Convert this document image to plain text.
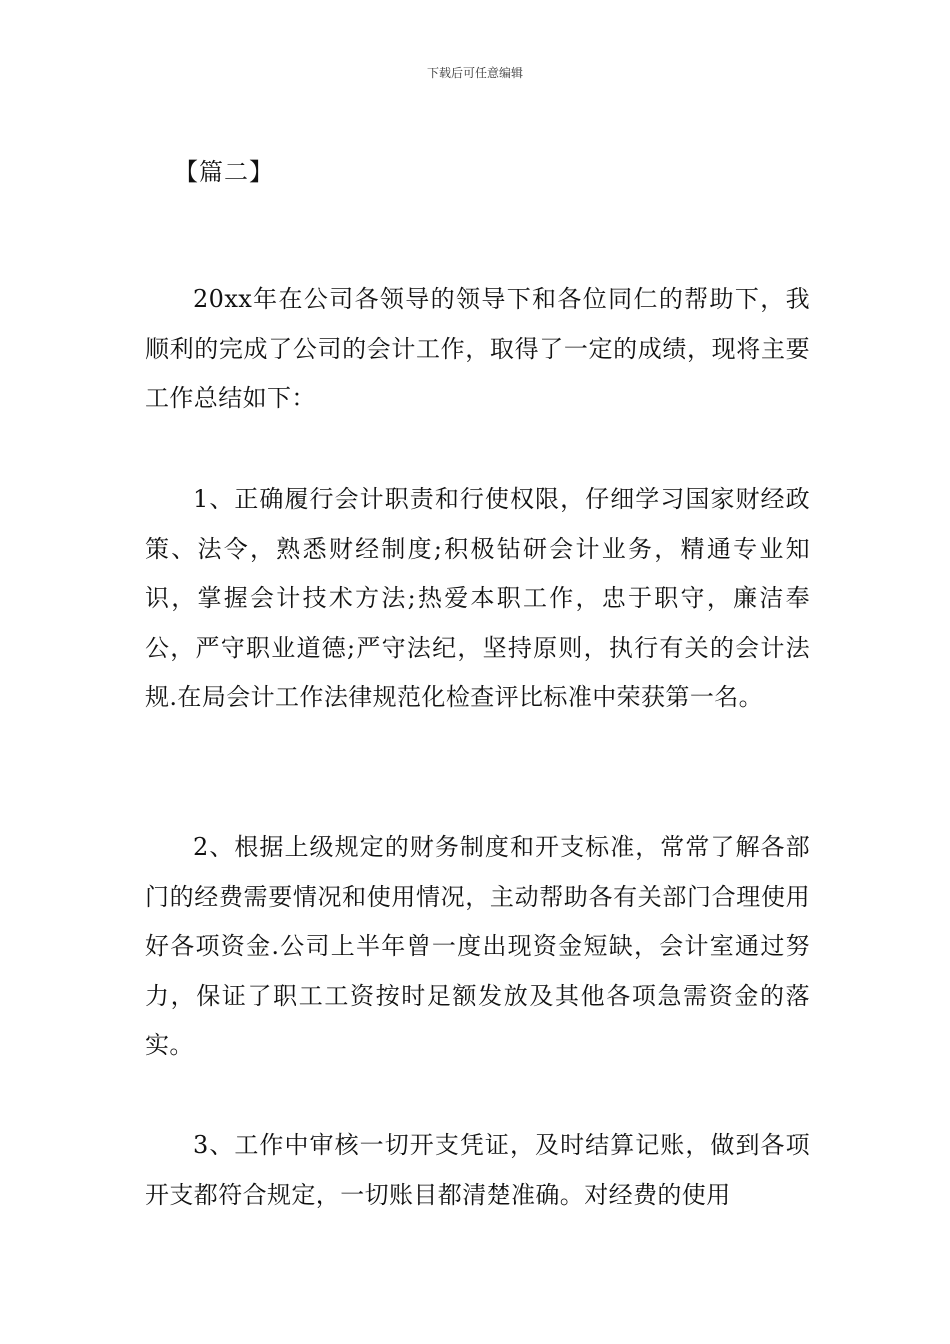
下载后可任意编辑
【篇二】

20xx年在公司各领导的领导下和各位同仁的帮助下，我顺利的完成了公司的会计工作，取得了一定的成绩，现将主要工作总结如下：

1、正确履行会计职责和行使权限，仔细学习国家财经政策、法令，熟悉财经制度;积极钻研会计业务，精通专业知识，掌握会计技术方法;热爱本职工作，忠于职守，廉洁奉公，严守职业道德;严守法纪，坚持原则，执行有关的会计法规.在局会计工作法律规范化检查评比标准中荣获第一名。

2、根据上级规定的财务制度和开支标准，常常了解各部门的经费需要情况和使用情况，主动帮助各有关部门合理使用好各项资金.公司上半年曾一度出现资金短缺，会计室通过努力，保证了职工工资按时足额发放及其他各项急需资金的落实。

3、工作中审核一切开支凭证，及时结算记账，做到各项开支都符合规定，一切账目都清楚准确。对经费的使用
